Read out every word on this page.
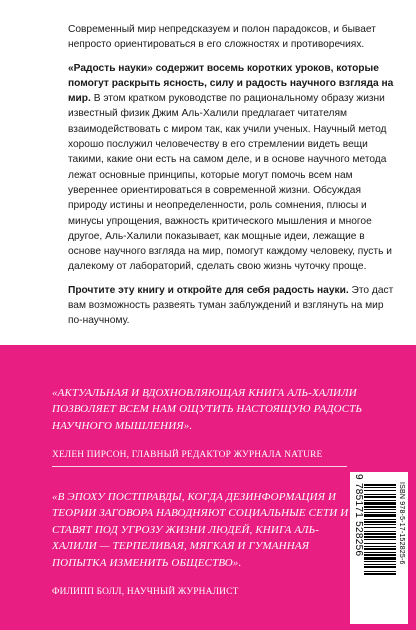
Современный мир непредсказуем и полон парадоксов, и бывает непросто ориентироваться в его сложностях и противоречиях.

«Радость науки» содержит восемь коротких уроков, которые помогут раскрыть ясность, силу и радость научного взгляда на мир. В этом кратком руководстве по рациональному образу жизни известный физик Джим Аль-Халили предлагает читателям взаимодействовать с миром так, как учили ученых. Научный метод хорошо послужил человечеству в его стремлении видеть вещи такими, какие они есть на самом деле, и в основе научного метода лежат основные принципы, которые могут помочь всем нам увереннее ориентироваться в современной жизни. Обсуждая природу истины и неопределенности, роль сомнения, плюсы и минусы упрощения, важность критического мышления и многое другое, Аль-Халили показывает, как мощные идеи, лежащие в основе научного взгляда на мир, помогут каждому человеку, пусть и далекому от лабораторий, сделать свою жизнь чуточку проще.

Прочтите эту книгу и откройте для себя радость науки. Это даст вам возможность развеять туман заблуждений и взглянуть на мир по-научному.

«АКТУАЛЬНАЯ И ВДОХНОВЛЯЮЩАЯ КНИГА АЛЬ-ХАЛИЛИ ПОЗВОЛЯЕТ ВСЕМ НАМ ОЩУТИТЬ НАСТОЯЩУЮ РАДОСТЬ НАУЧНОГО МЫШЛЕНИЯ».

ХЕЛЕН ПИРСОН, ГЛАВНЫЙ РЕДАКТОР ЖУРНАЛА NATURE

«В ЭПОХУ ПОСТПРАВДЫ, КОГДА ДЕЗИНФОРМАЦИЯ И ТЕОРИИ ЗАГОВОРА НАВОДНЯЮТ СОЦИАЛЬНЫЕ СЕТИ И СТАВЯТ ПОД УГРОЗУ ЖИЗНИ ЛЮДЕЙ, КНИГА АЛЬ-ХАЛИЛИ — ТЕРПЕЛИВАЯ, МЯГКАЯ И ГУМАННАЯ ПОПЫТКА ИЗМЕНИТЬ ОБЩЕСТВО».

ФИЛИПП БОЛЛ, НАУЧНЫЙ ЖУРНАЛИСТ

ISBN 978-5-17-152825-6
9 785171 528256
www.ast.ru
